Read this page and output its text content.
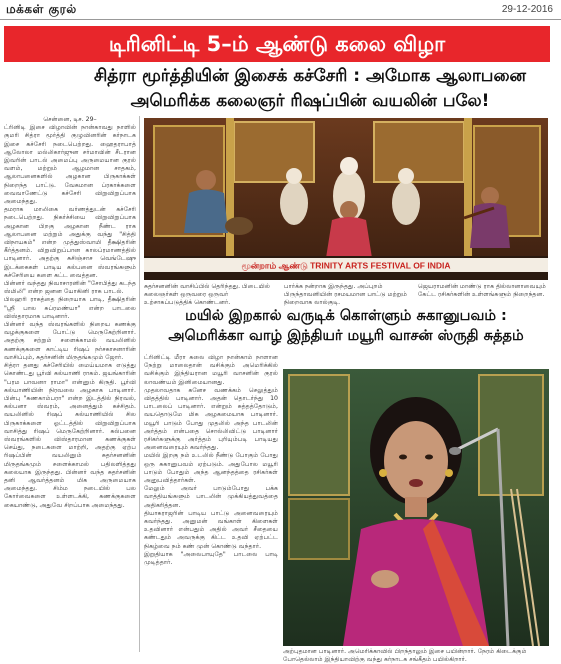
மக்கள் குரல்	29-12-2016
டிரினிட்டி 5–ம் ஆண்டு கலை விழா
சித்ரா மூர்த்தியின் இசைக் கச்சேரி : அமோக ஆலாபனை
அமெரிக்க கலைஞர் ரிஷப்பின் வயலின் பலே!

சென்னை, டிச. 29–

ட்ரினிடி இசை விழாவின் நான்காவது நாளில் குமரி சித்ரா மூர்த்தி குழுவினரின் கர்நாடக இசை கச்சேரி நடைபெற்றது. ஹைதராபாத் ஆலோலா மல்லிகார்ஜுன சர்மாவின் சீடரான இவரின் பாடல் அமைப்பு அருமையான குரல் வளம், மற்றும் ஆழமான சாதகம், ஆலாபனைகளில் அழகான பிருகாக்கள் நிறைந்த பாட்டு. வேகமான ப்ரகாக்களை வைவாணேட்டு கச்சேரி விறுவிறுப்பாக அமைந்தது.

தமராக மாலிகை வர்ணத்துடன் கச்சேரி நடைபெற்றது. நிகர்ச்சியை விறுவிறுப்பாக அழகான பிறகு அழகான நீண்ட ராக ஆலாபனை மற்றும் அதுக்கு வந்து "சித்தி விநாயகம்" என்ற முத்துஸ்வாமி தீக்ஷிதரின் கீர்த்தனம். விறுவிறுப்பான காலப்ரமாணத்தில் பாடினார். அதற்கு சுசிஞ்சாச வெங்டேஷு இடக்கைகள் பாடிய கல்பனை ஸ்வரங்களும் கச்சேரியை களை கட்ட வைத்தன.

பின்னர் வந்தது நிவாசாரனின் "சோபித்து கடந்த ஸ்மிலி" என்ற ஜனன யோகினி ராக பாடல்.

பிலஹரி ராகத்தை நிறையாக பாடி, தீக்ஷிதரின் "ஸ்ரீ பால சுப்ரமண்யா" என்ற பாடலை விஸ்தாரமாக பாடினார்.

பின்னர் வந்த ஸ்வரங்களில் நிறைய கணக்கு வழக்குகளை போட்டு மெருகேற்றினார். அதற்கு சற்றும் சளைக்காமல் வயலினில் கணக்குகளை காட்டிய ரிஷப் நர்சகாசனாரின் வாசிப்பும், சுதர்சனின் மிருதங்கமும் ஜோர்.

சித்ரா தனது கச்சேரியில் மைய்யமாக எடுத்து கொண்டது பூர்வி கல்யாணி ராகம். ஜயங்காரின் "பரம பாவனா ராமா" என்னும் கிருதி. பூர்வி கல்யாணியின் நிரவலை அழகாக பாடினார். பின்பு "கணகாம்பரா" என்ற இடத்தில் நிரவல், கல்பனா ஸ்வரம், அனைத்தும் கச்சிதம். வயலினில் ரிஷப் கல்யாணியில் சில பிருகாக்களை ஓட்டத்தில் விறுவிறுப்பாக வாசித்து ரிஷப் மெருகேற்றினார். கல்பனை ஸ்வரங்களில் விஸ்தாரமான கணக்குகள் செய்து, நடைகளை மாற்றி, அதற்கு ஏற்ப ரிஷப்பின் வயலினும் சுதர்சனனின் மிருதங்கமும் சளைக்காமல் பதிலளித்தது கலையாக இருந்தது. பின்னர் வந்த சுதர்சனின் தனி ஆவர்த்தனம் மிக அருமையாக அமைந்தது. சிம்ம நடையில் பல கோர்வைகளை உள்ளடக்கி, கணக்குகளை கையாண்டு, அதுவே சிறப்பாக அமைந்தது.

மூன்றாம் ஆண்டு TRINITY ARTS FESTIVAL OF INDIA
சுதர்சனனின் வாசிப்பில் தெரிந்தது. பிடையில் கலைஞர்கள் ஒருவரை ஒருவர் உற்சாகப்படுத்திக் கொண்டனர்.
பார்க்க நன்றாக இருந்தது. அப்புறம் பிருந்தாவனியின் ரசமயமான பாட்டு மற்றும் நிறைவாக லால்குடி.
ஜெயராமனின் மாண்டு ராக தில்லானாவையும் கேட்ட ரசிகர்களின் உள்ளங்களும் நிறைந்தன.
மயில் இறகால் வருடிக் கொள்ளும் சுகானுபவம் :
அமெரிக்கா வாழ் இந்தியர் மயூரி வாசன் ஸ்ருதி சுத்தம்

ட்ரினிட்டி மீரா கலை விழா நான்காம் நாளான நேற்று மாலைதான் வசிக்கும் அமெரிக்கில் வசிக்கும் இந்தியரான மயூரி வாசனின் குரல் லாவண்யம் இனிமையானது.

முதலாவதாக கனேச வணக்கம் செலுத்தும் விதத்தில் பாடினார். அதன் தொடர்ந்து 10 பாடலைப் பாடினார். என்றும் சுத்தத்தோடும், வயதொடுமே மிக அழகமையாக பாடினார். மயூரி பாடும் போது முதலில் அந்த பாடலின் அர்த்தம் என்பதை சொல்லிவிட்டு பாடினார் ரசிகர்களுக்கு அர்த்தம் புரியும்படி பாடியது அனைவரையும் கவர்ந்தது.

மயில் இறகு நம் உடலில் நீண்டு போகும் போது ஒரு சுகானுபவம் ஏற்படும். அதுபோல மயூரி பாடும் போதும் அந்த ஆனந்தத்தை ரசிகர்கள் அனுபவித்தார்கள்.

மேலும் அவர் பாடும்போது பக்க வாத்தியங்களும் பாடலின் முக்கியத்துவத்தை அதிகரித்தன.

தியாகராஜரின் பாடிய பாட்டு அனைவரையும் கவர்ந்தது. அனுமன் வங்காள் கிளைகள் உதவினார் என்பதும் அதில் அவர் சீதையை கண்டதும் அவருக்கு கிட்ட உதவி ஏற்பட்ட நிகழ்வை நம் கண் முன் கொண்டு வந்தார்.

இறுதியாக "அலைபாயுதே" பாடலை பாடி முடித்தார்.

அற்புதமான பாடினார். அமெரிக்காவில் பிறந்தாலும் இசை பயின்றார். நேரம் கிடைக்கும் போதெல்லாம் இந்தியாவிற்கு வந்து கர்நாடக சங்கீதம் பயில்கிறார்.
